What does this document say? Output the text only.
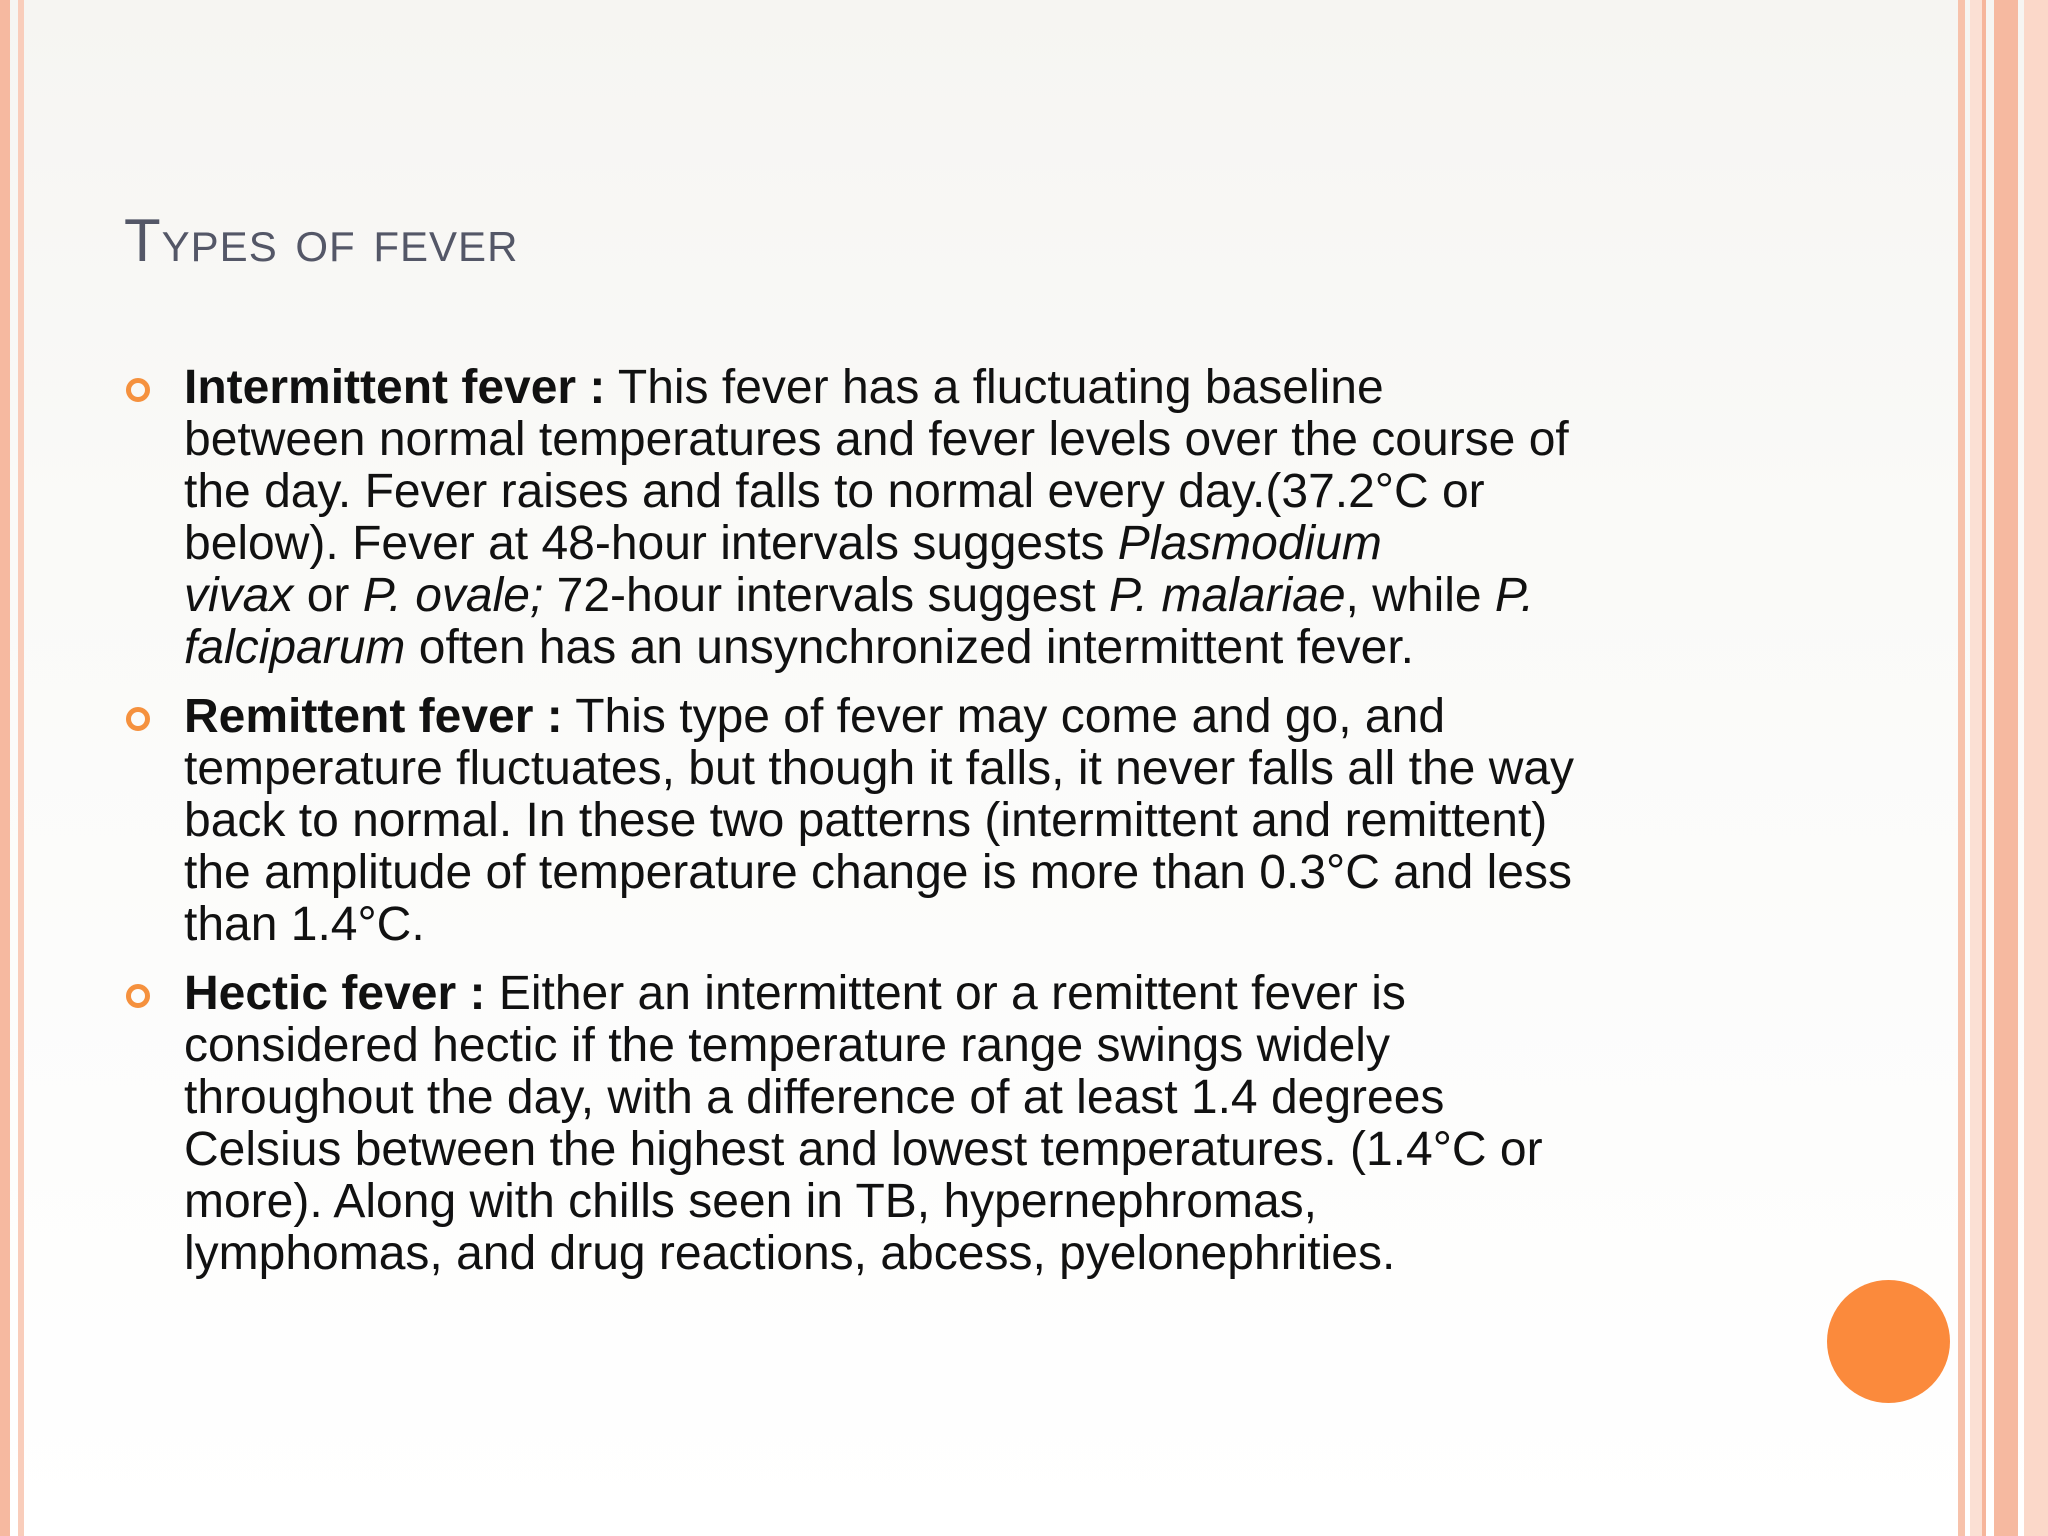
Types of fever
Intermittent fever : This fever has a fluctuating baseline
between normal temperatures and fever levels over the course of
the day. Fever raises and falls to normal every day.(37.2°C or
below). Fever at 48-hour intervals suggests Plasmodium
vivax or P. ovale; 72-hour intervals suggest P. malariae, while P.
falciparum often has an unsynchronized intermittent fever.
Remittent fever : This type of fever may come and go, and
temperature fluctuates, but though it falls, it never falls all the way
back to normal. In these two patterns (intermittent and remittent)
the amplitude of temperature change is more than 0.3°C and less
than 1.4°C.
Hectic fever : Either an intermittent or a remittent fever is
considered hectic if the temperature range swings widely
throughout the day, with a difference of at least 1.4 degrees
Celsius between the highest and lowest temperatures. (1.4°C or
more). Along with chills seen in TB, hypernephromas,
lymphomas, and drug reactions, abcess, pyelonephrities.
